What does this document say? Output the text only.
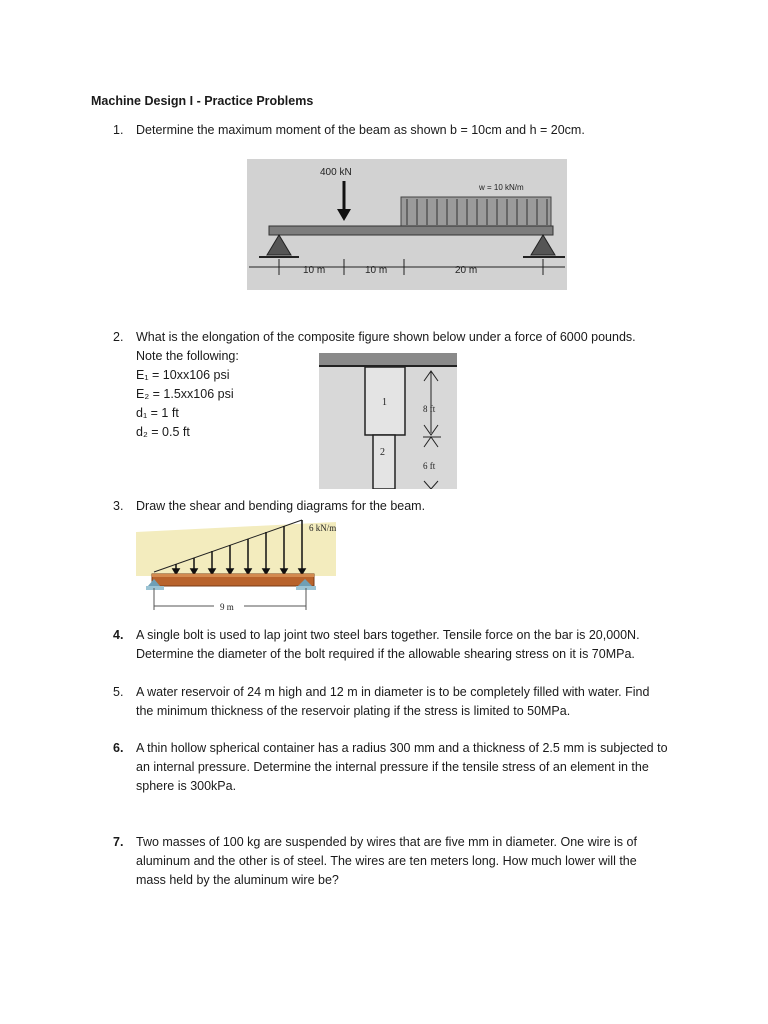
Machine Design I - Practice Problems
1. Determine the maximum moment of the beam as shown b = 10cm and h = 20cm.
w = 10 kN/m
400 kN
10 m	10 m	20 m
2. What is the elongation of the composite figure shown below under a force of 6000 pounds.
Note the following:
E₁ = 10xx106 psi
E₂ = 1.5xx106 psi
d₁ = 1 ft
d₂ = 0.5 ft
1
2
8 ft
6 ft
3. Draw the shear and bending diagrams for the beam.
6 kN/m
9 m
4. A single bolt is used to lap joint two steel bars together. Tensile force on the bar is 20,000N.
Determine the diameter of the bolt required if the allowable shearing stress on it is 70MPa.
5. A water reservoir of 24 m high and 12 m in diameter is to be completely filled with water. Find
the minimum thickness of the reservoir plating if the stress is limited to 50MPa.
6. A thin hollow spherical container has a radius 300 mm and a thickness of 2.5 mm is subjected to
an internal pressure. Determine the internal pressure if the tensile stress of an element in the
sphere is 300kPa.
7. Two masses of 100 kg are suspended by wires that are five mm in diameter. One wire is of
aluminum and the other is of steel. The wires are ten meters long. How much lower will the
mass held by the aluminum wire be?
